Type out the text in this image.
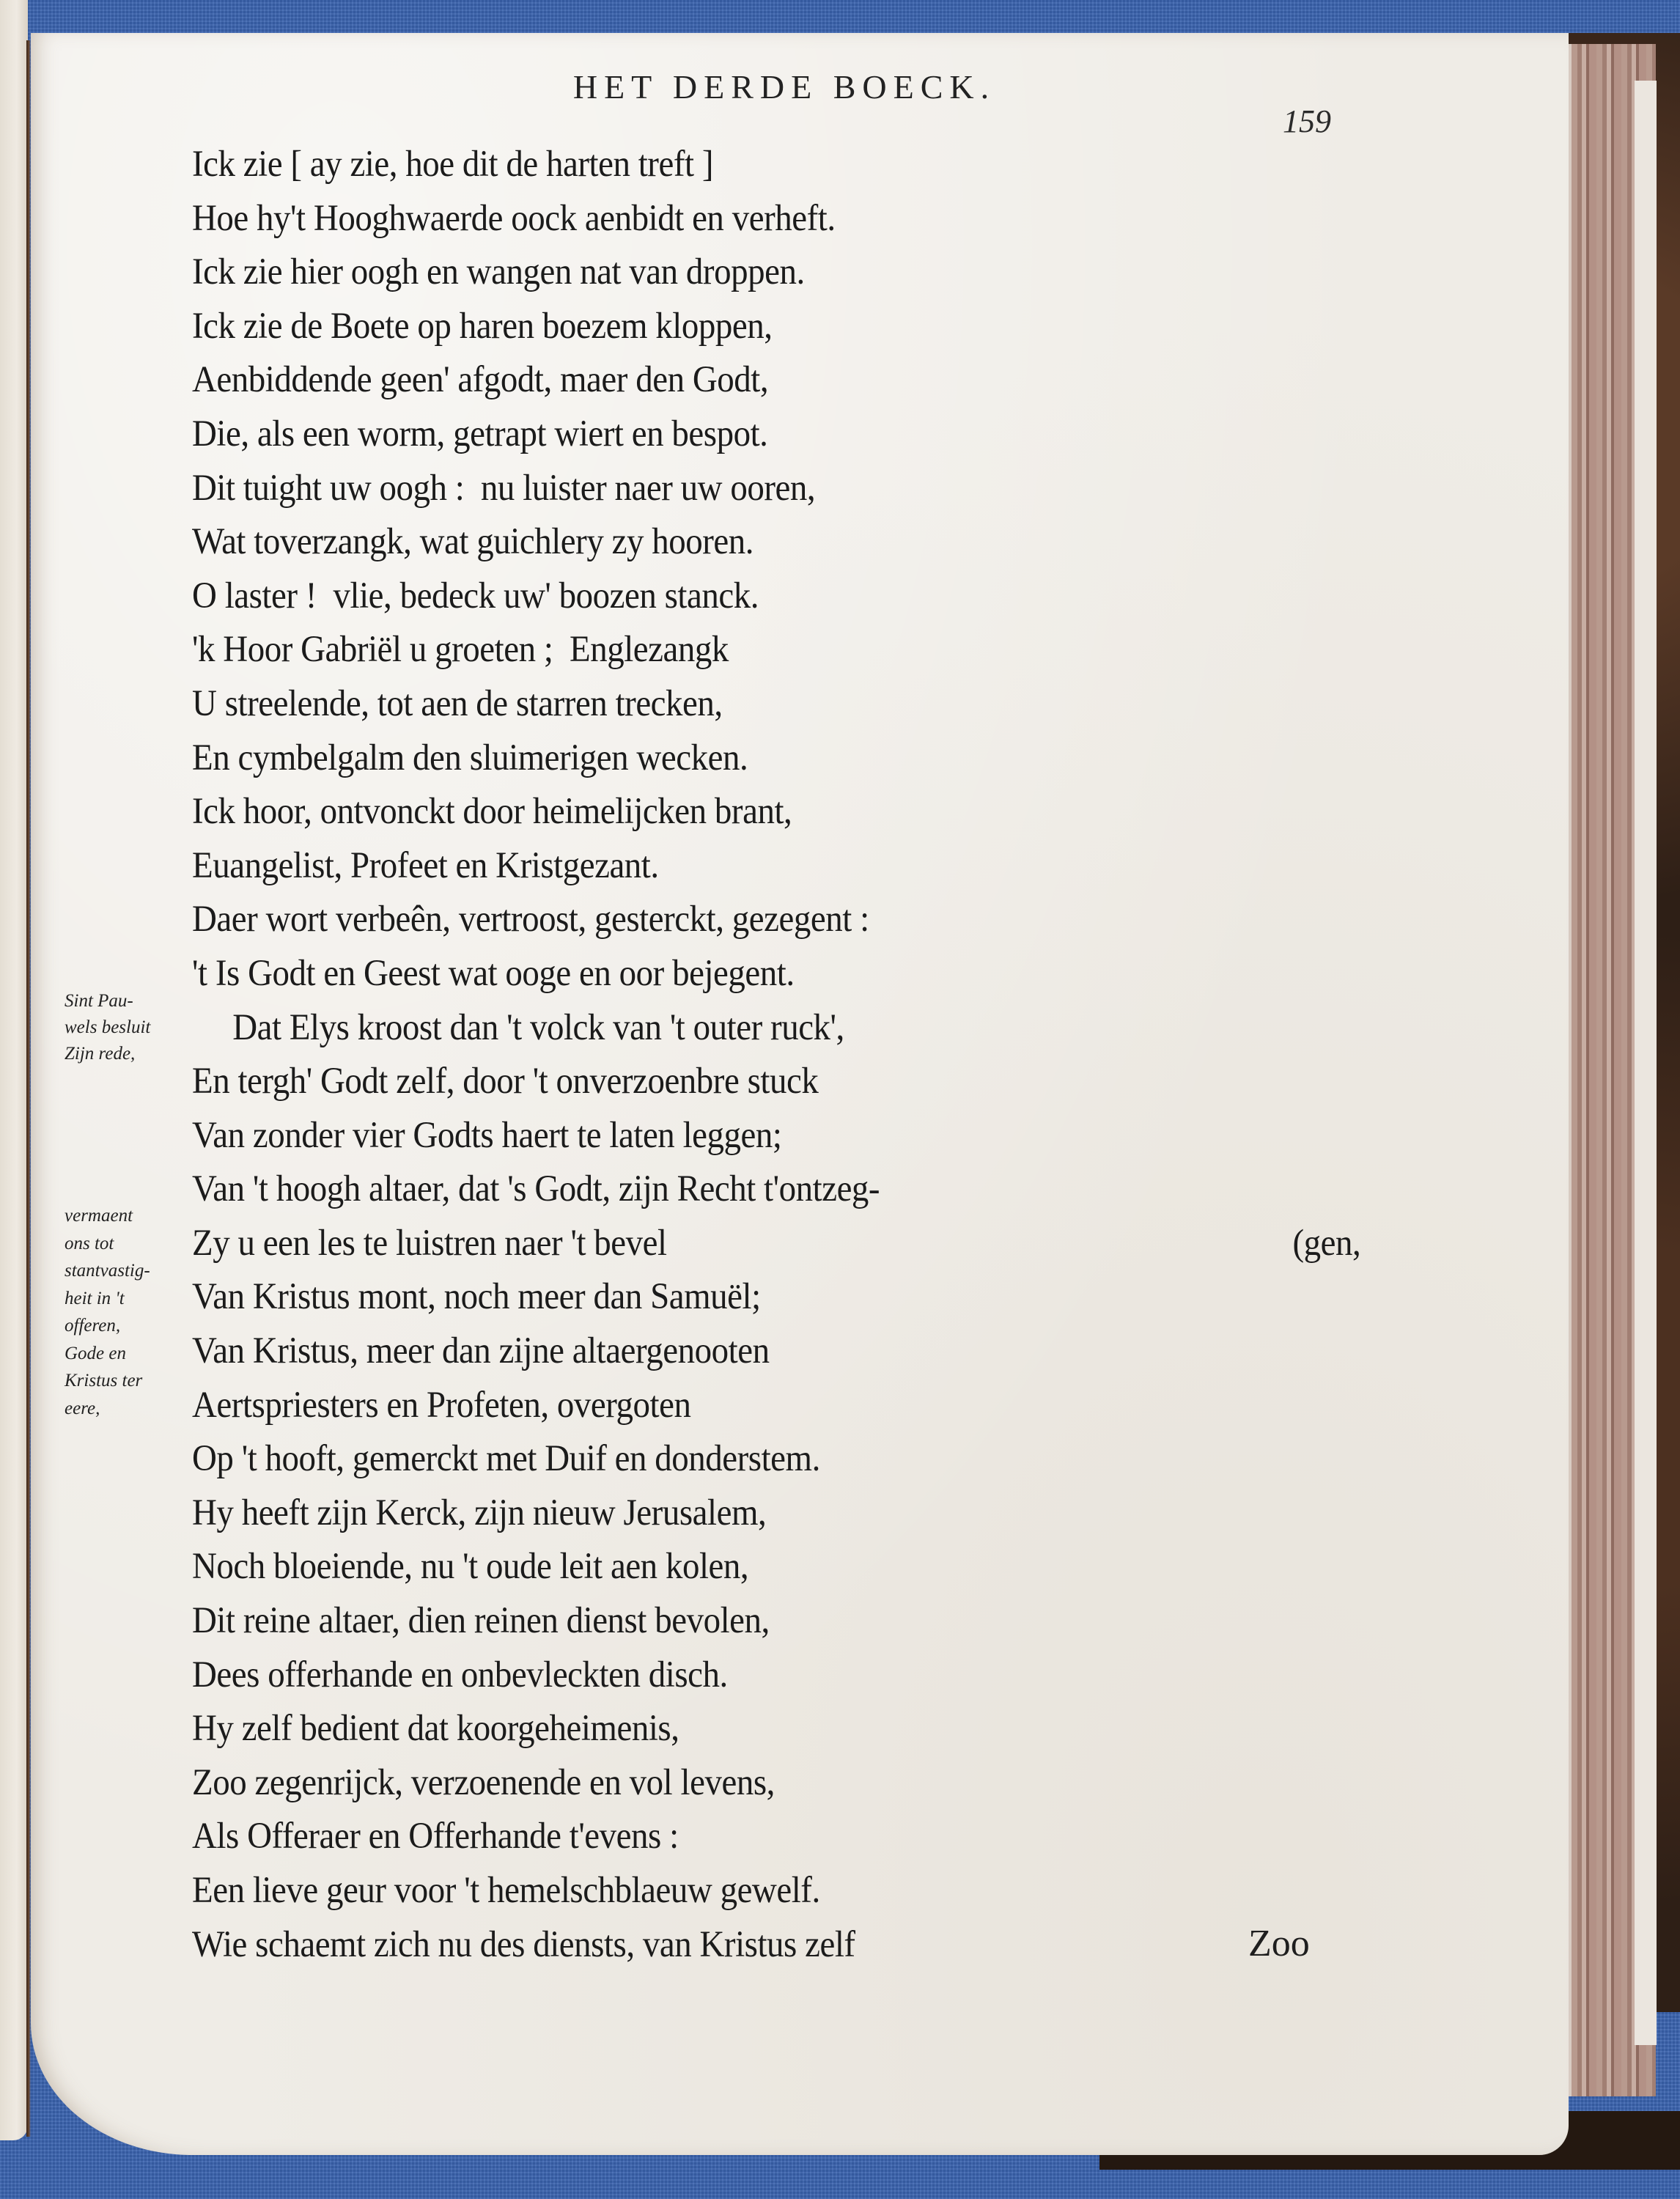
HET DERDE BOECK.
159
Sint Pau-
wels besluit
Zijn rede,
vermaent
ons tot
stantvastig-
heit in 't
offeren,
Gode en
Kristus ter
eere,
Ick zie [ ay zie, hoe dit de harten treft ]
Hoe hy't Hooghwaerde oock aenbidt en verheft.
Ick zie hier oogh en wangen nat van droppen.
Ick zie de Boete op haren boezem kloppen,
Aenbiddende geen' afgodt, maer den Godt,
Die, als een worm, getrapt wiert en bespot.
Dit tuight uw oogh :  nu luister naer uw ooren,
Wat toverzangk, wat guichlery zy hooren.
O laster !  vlie, bedeck uw' boozen stanck.
'k Hoor Gabriël u groeten ;  Englezangk
U streelende, tot aen de starren trecken,
En cymbelgalm den sluimerigen wecken.
Ick hoor, ontvonckt door heimelijcken brant,
Euangelist, Profeet en Kristgezant.
Daer wort verbeên, vertroost, gesterckt, gezegent :
't Is Godt en Geest wat ooge en oor bejegent.
Dat Elys kroost dan 't volck van 't outer ruck',
En tergh' Godt zelf, door 't onverzoenbre stuck
Van zonder vier Godts haert te laten leggen;
Van 't hoogh altaer, dat 's Godt, zijn Recht t'ontzeg-
Zy u een les te luistren naer 't bevel	(gen,
Van Kristus mont, noch meer dan Samuël;
Van Kristus, meer dan zijne altaergenooten
Aertspriesters en Profeten, overgoten
Op 't hooft, gemerckt met Duif en donderstem.
Hy heeft zijn Kerck, zijn nieuw Jerusalem,
Noch bloeiende, nu 't oude leit aen kolen,
Dit reine altaer, dien reinen dienst bevolen,
Dees offerhande en onbevleckten disch.
Hy zelf bedient dat koorgeheimenis,
Zoo zegenrijck, verzoenende en vol levens,
Als Offeraer en Offerhande t'evens :
Een lieve geur voor 't hemelschblaeuw gewelf.
Wie schaemt zich nu des diensts, van Kristus zelf	Zoo
